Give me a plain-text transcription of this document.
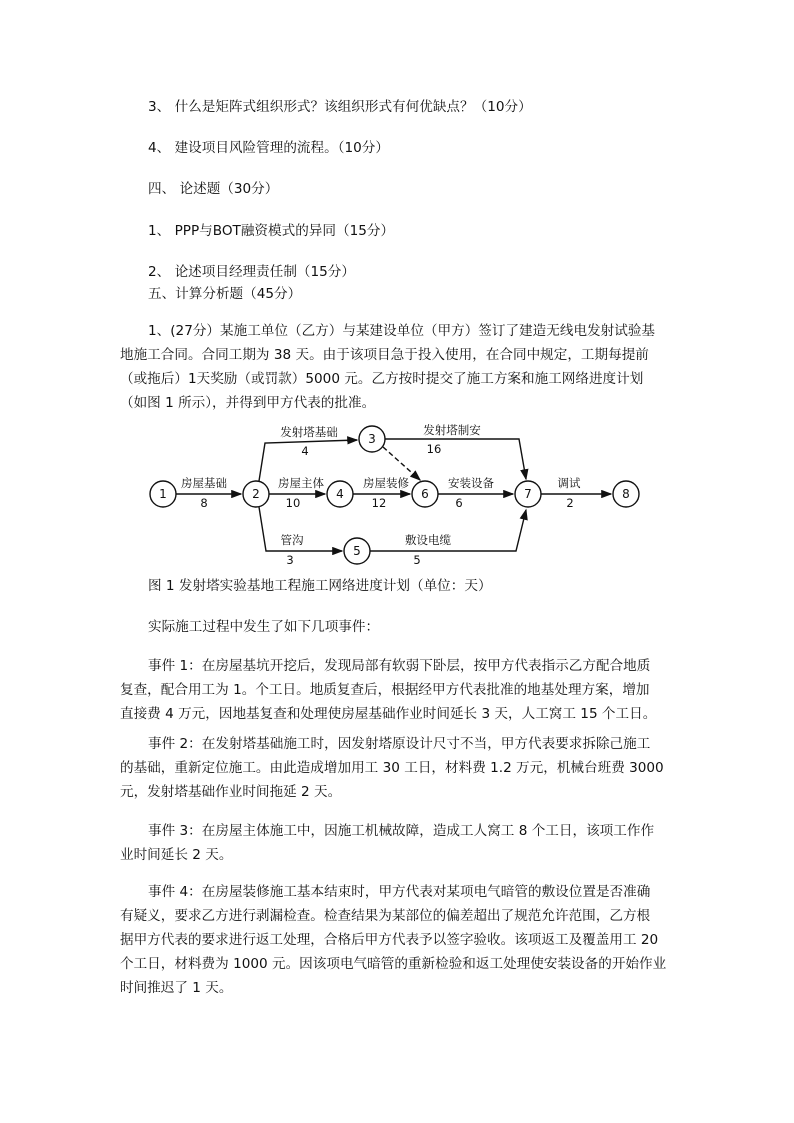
3、 什么是矩阵式组织形式？该组织形式有何优缺点？（10分）
4、 建设项目风险管理的流程。（10分）
四、 论述题（30分）
1、 PPP与BOT融资模式的异同（15分）
2、 论述项目经理责任制（15分）
五、计算分析题（45分）
1、(27分）某施工单位（乙方）与某建设单位（甲方）签订了建造无线电发射试验基
地施工合同。合同工期为 38 天。由于该项目急于投入使用，在合同中规定，工期每提前
（或拖后）1天奖励（或罚款）5000 元。乙方按时提交了施工方案和施工网络进度计划
（如图 1 所示），并得到甲方代表的批准。
1	2
3
4
5
6	7	8
房屋基础
8
发射塔基础
4
发射塔制安
16
房屋主体
10
房屋装修
12
安装设备
6
调试
2
管沟
3
敷设电缆
5
图 1 发射塔实验基地工程施工网络进度计划（单位：天）
实际施工过程中发生了如下几项事件：
事件 1：在房屋基坑开挖后，发现局部有软弱下卧层，按甲方代表指示乙方配合地质
复查，配合用工为 1。个工日。地质复查后，根据经甲方代表批准的地基处理方案，增加
直接费 4 万元，因地基复查和处理使房屋基础作业时间延长 3 天，人工窝工 15 个工日。
事件 2：在发射塔基础施工时，因发射塔原设计尺寸不当，甲方代表要求拆除己施工
的基础，重新定位施工。由此造成增加用工 30 工日，材料费 1.2 万元，机械台班费 3000
元，发射塔基础作业时间拖延 2 天。
事件 3：在房屋主体施工中，因施工机械故障，造成工人窝工 8 个工日，该项工作作
业时间延长 2 天。
事件 4：在房屋装修施工基本结束时，甲方代表对某项电气暗管的敷设位置是否准确
有疑义，要求乙方进行剥漏检查。检查结果为某部位的偏差超出了规范允许范围，乙方根
据甲方代表的要求进行返工处理，合格后甲方代表予以签字验收。该项返工及覆盖用工 20
个工日，材料费为 1000 元。因该项电气暗管的重新检验和返工处理使安装设备的开始作业
时间推迟了 1 天。
